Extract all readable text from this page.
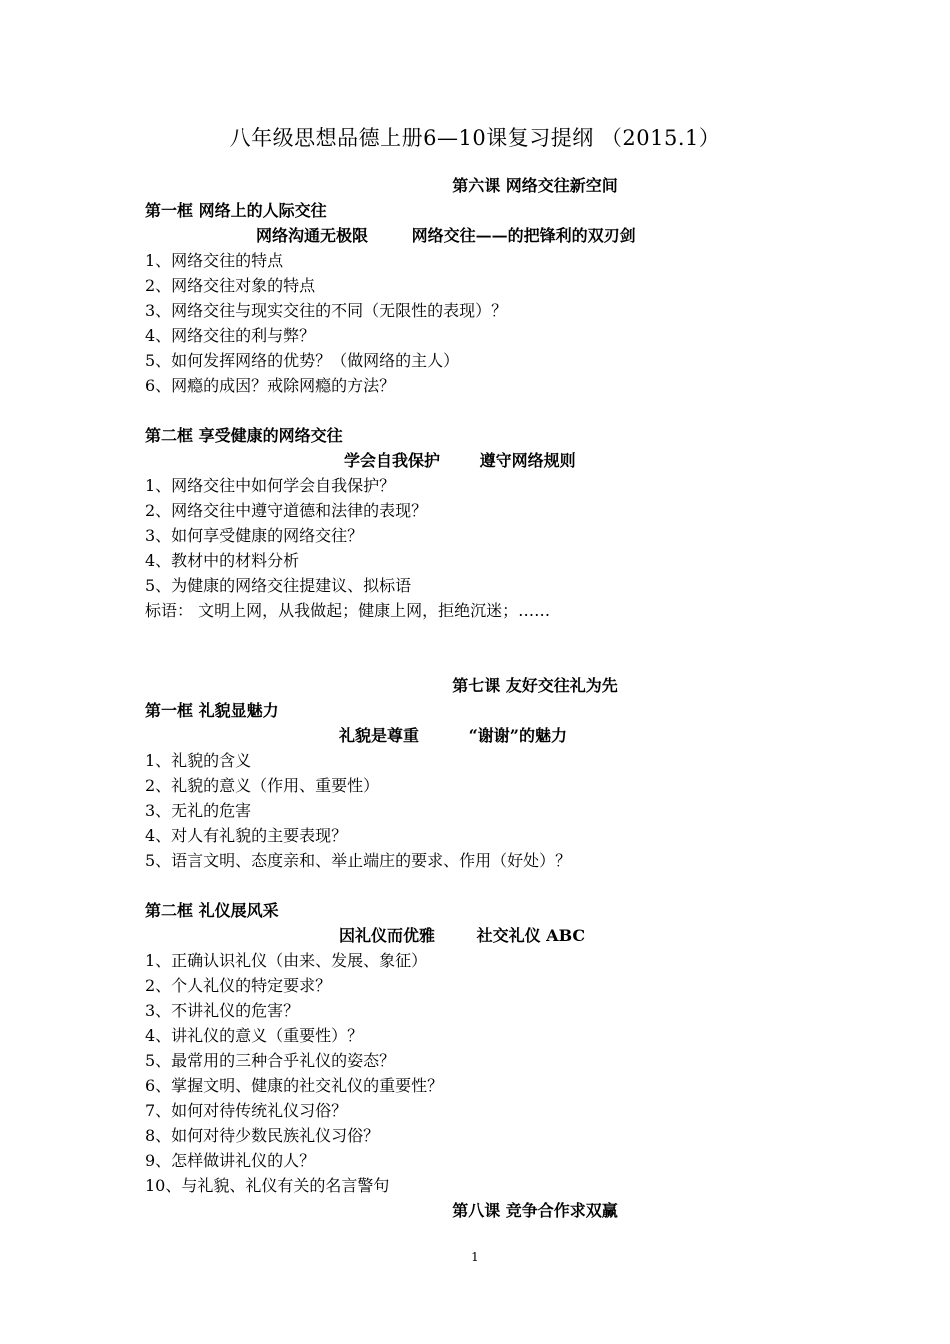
八年级思想品德上册6—10课复习提纲 （2015.1）
第六课 网络交往新空间
第一框 网络上的人际交往
网络沟通无极限	网络交往——的把锋利的双刃剑
1、网络交往的特点
2、网络交往对象的特点
3、网络交往与现实交往的不同（无限性的表现）？
4、网络交往的利与弊？
5、如何发挥网络的优势？（做网络的主人）
6、网瘾的成因？戒除网瘾的方法？
第二框 享受健康的网络交往
学会自我保护 遵守网络规则
1、网络交往中如何学会自我保护？
2、网络交往中遵守道德和法律的表现？
3、如何享受健康的网络交往？
4、教材中的材料分析
5、为健康的网络交往提建议、拟标语
标语： 文明上网，从我做起；健康上网，拒绝沉迷；……
第七课 友好交往礼为先
第一框 礼貌显魅力
礼貌是尊重	“谢谢”的魅力
1、礼貌的含义
2、礼貌的意义（作用、重要性）
3、无礼的危害
4、对人有礼貌的主要表现？
5、语言文明、态度亲和、举止端庄的要求、作用（好处）？
第二框 礼仪展风采
因礼仪而优雅	社交礼仪 ABC
1、正确认识礼仪（由来、发展、象征）
2、个人礼仪的特定要求？
3、不讲礼仪的危害？
4、讲礼仪的意义（重要性）？
5、最常用的三种合乎礼仪的姿态？
6、掌握文明、健康的社交礼仪的重要性？
7、如何对待传统礼仪习俗？
8、如何对待少数民族礼仪习俗？
9、怎样做讲礼仪的人？
10、与礼貌、礼仪有关的名言警句
第八课 竞争合作求双赢
1
